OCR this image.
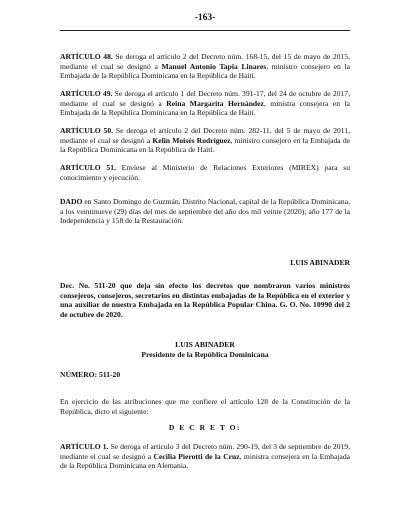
-163-

ARTÍCULO 48. Se deroga el artículo 2 del Decreto núm. 168-15, del 15 de mayo de 2015, mediante el cual se designó a Manuel Antonio Tapia Linares, ministro consejero en la Embajada de la República Dominicana en la República de Haití.

ARTÍCULO 49. Se deroga el artículo 1 del Decreto núm. 391-17, del 24 de octubre de 2017, mediante el cual se designó a Reina Margarita Hernández, ministra consejera en la Embajada de la República Dominicana en la República de Haití.

ARTÍCULO 50. Se deroga el artículo 2 del Decreto núm. 282-11, del 5 de mayo de 2011, mediante el cual se designó a Kelin Moisés Rodríguez, ministro consejero en la Embajada de la República Dominicana en la República de Haití.

ARTÍCULO 51. Envíese al Ministerio de Relaciones Exteriores (MIREX) para su conocimiento y ejecución.

DADO en Santo Domingo de Guzmán, Distrito Nacional, capital de la República Dominicana, a los veintinueve (29) días del mes de septiembre del año dos mil veinte (2020); año 177 de la Independencia y 158 de la Restauración.

LUIS ABINADER

Dec. No. 511-20 que deja sin efecto los decretos que nombraron varios ministros consejeros, consejeros, secretarios en distintas embajadas de la República en el exterior y una auxiliar de nuestra Embajada en la República Popular China. G. O. No. 10990 del 2 de octubre de 2020.

LUIS ABINADER
Presidente de la República Dominicana
NÚMERO: 511-20

En ejercicio de las atribuciones que me confiere el artículo 128 de la Constitución de la República, dicto el siguiente:

D E C R E T O:

ARTÍCULO 1. Se deroga el artículo 3 del Decreto núm. 290-19, del 3 de septiembre de 2019, mediante el cual se designó a Cecilia Pierotti de la Cruz, ministra consejera en la Embajada de la República Dominicana en Alemania.
